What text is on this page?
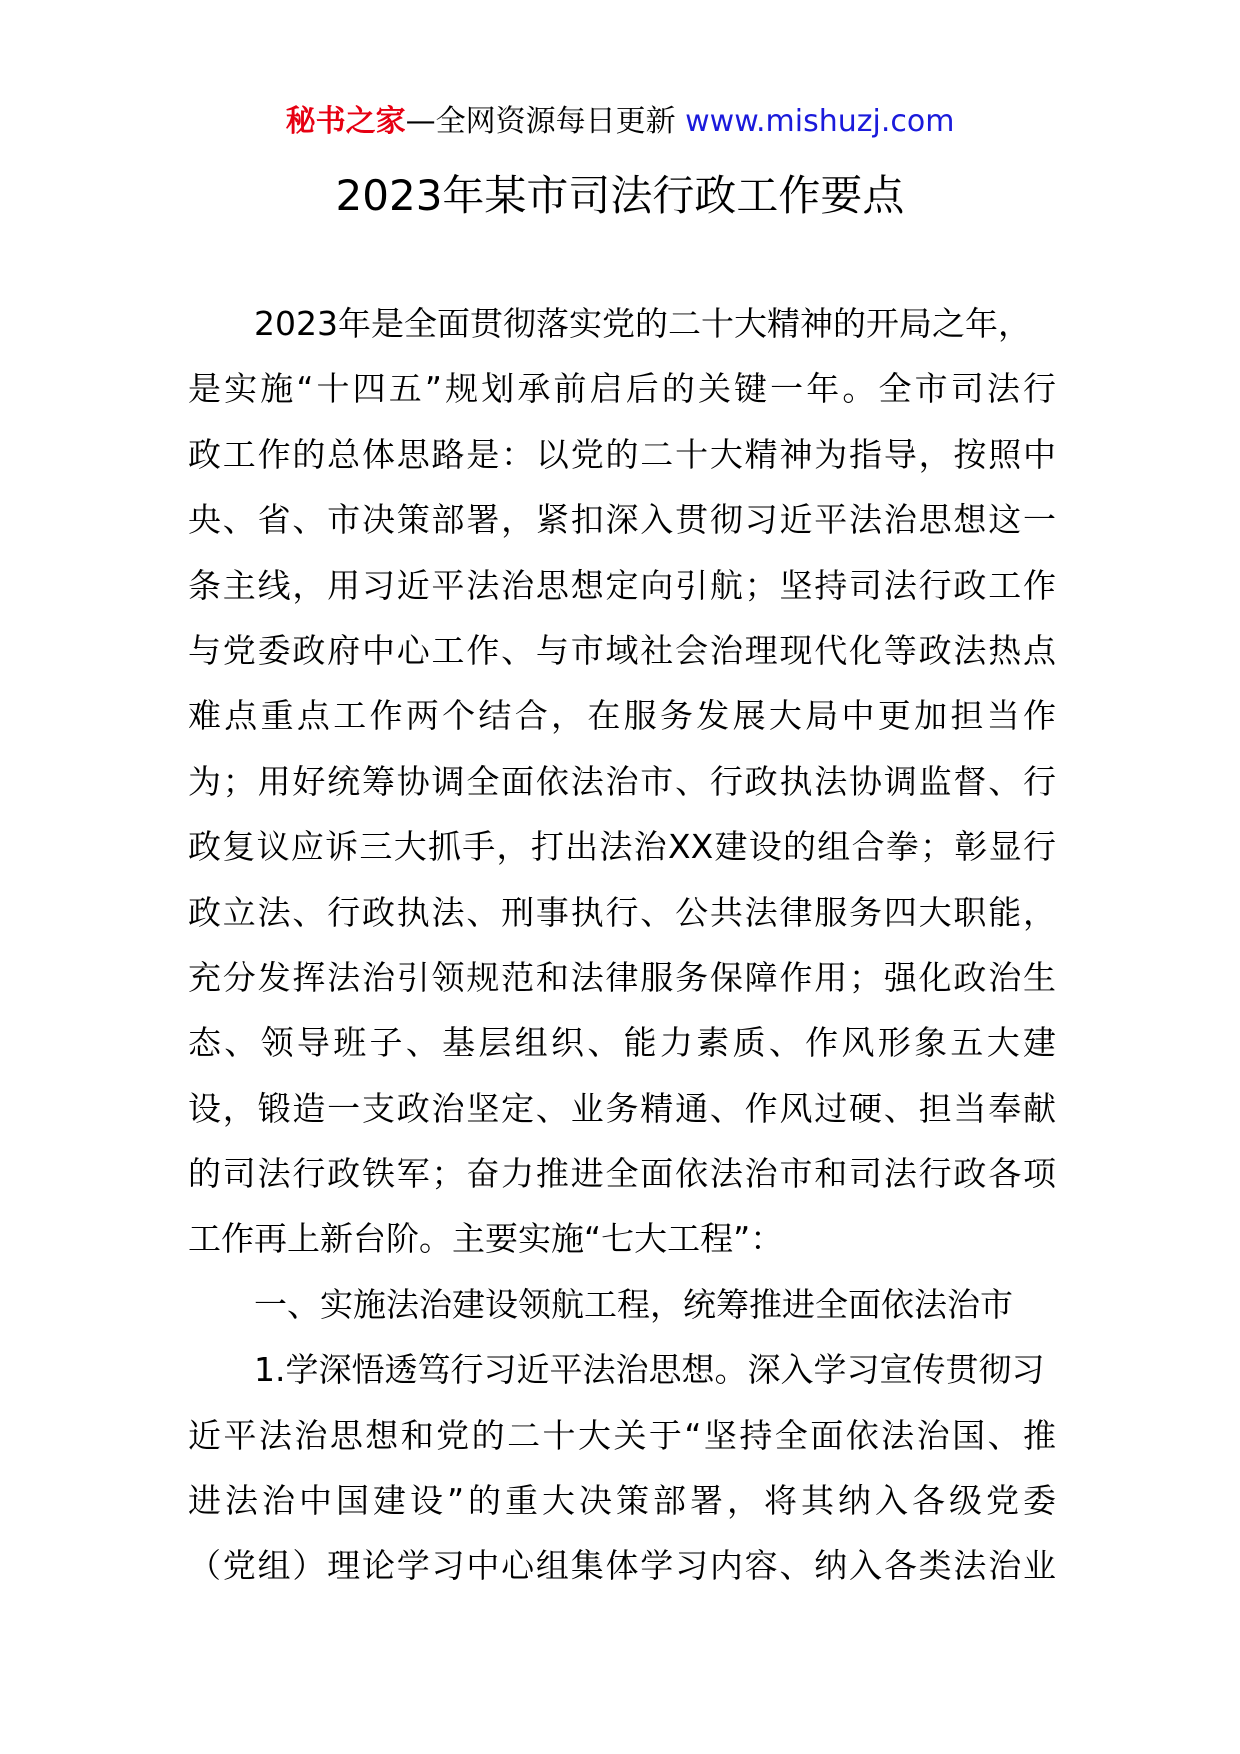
秘书之家—全网资源每日更新 www.mishuzj.com
2023年某市司法行政工作要点
2023年是全面贯彻落实党的二十大精神的开局之年，
是实施“十四五”规划承前启后的关键一年。全市司法行
政工作的总体思路是：以党的二十大精神为指导，按照中
央、省、市决策部署，紧扣深入贯彻习近平法治思想这一
条主线，用习近平法治思想定向引航；坚持司法行政工作
与党委政府中心工作、与市域社会治理现代化等政法热点
难点重点工作两个结合，在服务发展大局中更加担当作
为；用好统筹协调全面依法治市、行政执法协调监督、行
政复议应诉三大抓手，打出法治XX建设的组合拳；彰显行
政立法、行政执法、刑事执行、公共法律服务四大职能，
充分发挥法治引领规范和法律服务保障作用；强化政治生
态、领导班子、基层组织、能力素质、作风形象五大建
设，锻造一支政治坚定、业务精通、作风过硬、担当奉献
的司法行政铁军；奋力推进全面依法治市和司法行政各项
工作再上新台阶。主要实施“七大工程”：
一、实施法治建设领航工程，统筹推进全面依法治市
1.学深悟透笃行习近平法治思想。深入学习宣传贯彻习
近平法治思想和党的二十大关于“坚持全面依法治国、推
进法治中国建设”的重大决策部署，将其纳入各级党委
（党组）理论学习中心组集体学习内容、纳入各类法治业
